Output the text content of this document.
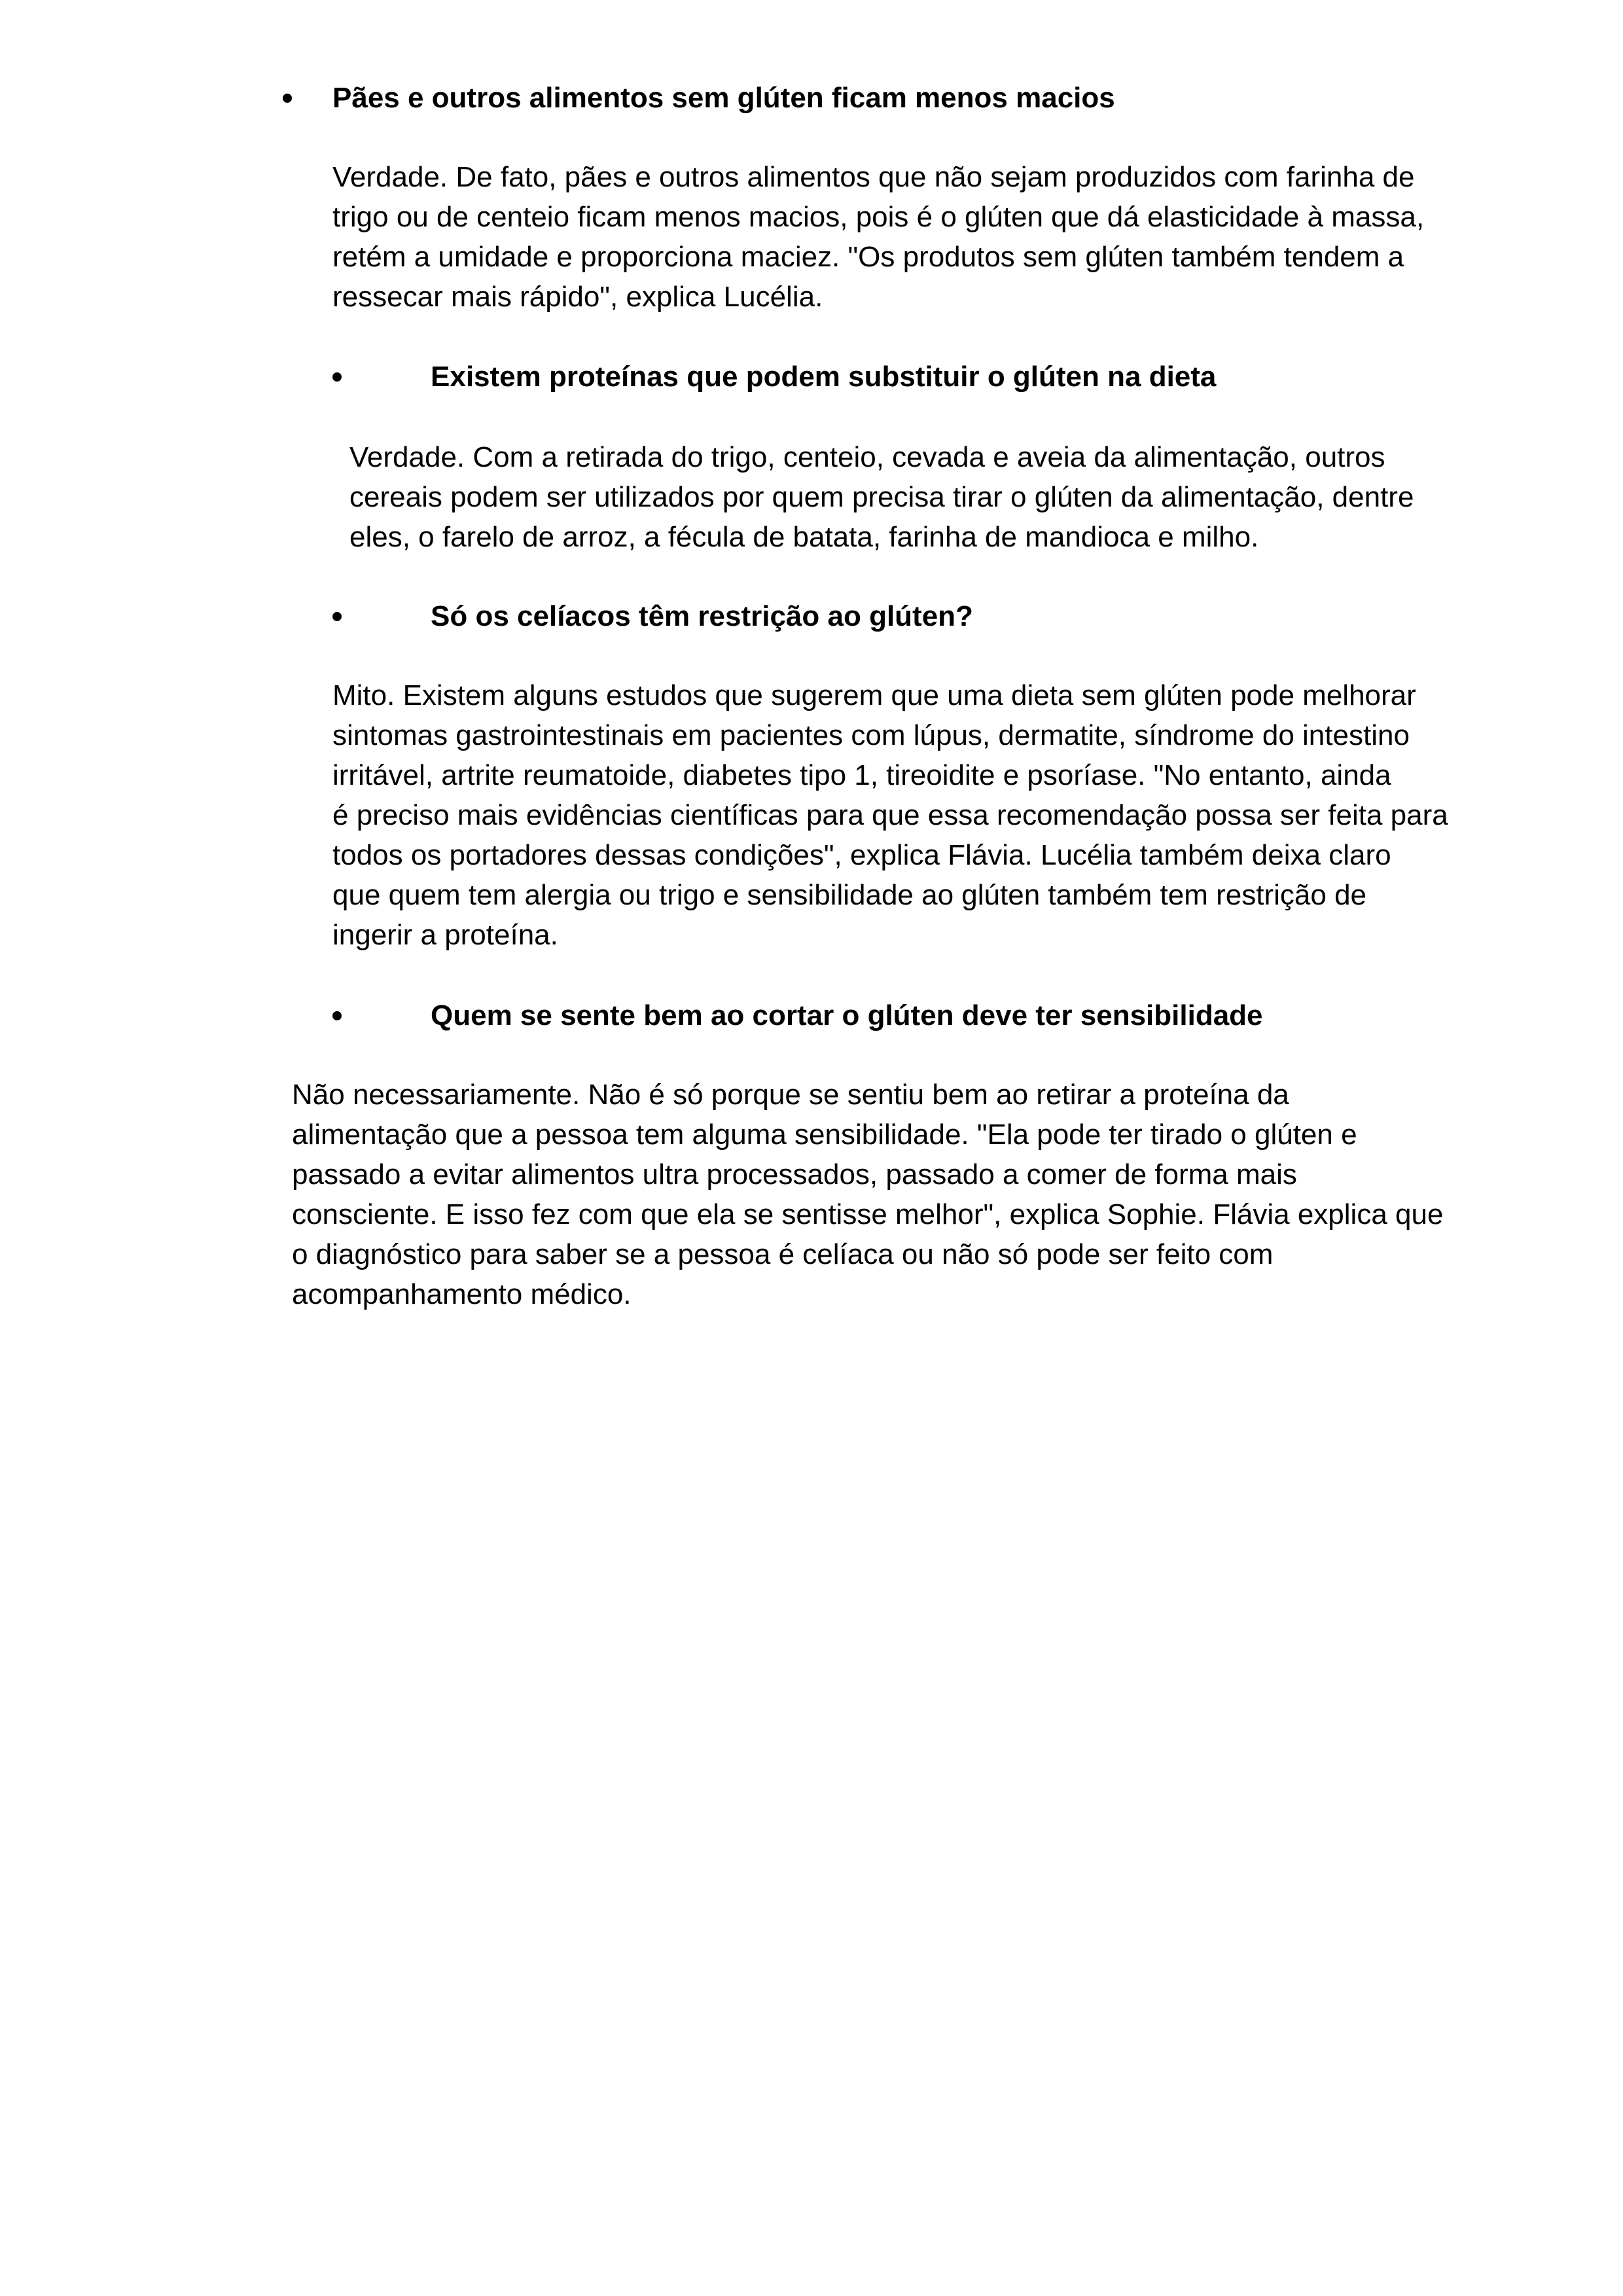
Pães e outros alimentos sem glúten ficam menos macios
Verdade. De fato, pães e outros alimentos que não sejam produzidos com farinha de
trigo ou de centeio ficam menos macios, pois é o glúten que dá elasticidade à massa,
retém a umidade e proporciona maciez. "Os produtos sem glúten também tendem a
ressecar mais rápido", explica Lucélia.
Existem proteínas que podem substituir o glúten na dieta
Verdade. Com a retirada do trigo, centeio, cevada e aveia da alimentação, outros
cereais podem ser utilizados por quem precisa tirar o glúten da alimentação, dentre
eles, o farelo de arroz, a fécula de batata, farinha de mandioca e milho.
Só os celíacos têm restrição ao glúten?
Mito. Existem alguns estudos que sugerem que uma dieta sem glúten pode melhorar
sintomas gastrointestinais em pacientes com lúpus, dermatite, síndrome do intestino
irritável, artrite reumatoide, diabetes tipo 1, tireoidite e psoríase. "No entanto, ainda
é preciso mais evidências científicas para que essa recomendação possa ser feita para
todos os portadores dessas condições", explica Flávia. Lucélia também deixa claro
que quem tem alergia ou trigo e sensibilidade ao glúten também tem restrição de
ingerir a proteína.
Quem se sente bem ao cortar o glúten deve ter sensibilidade
Não necessariamente. Não é só porque se sentiu bem ao retirar a proteína da
alimentação que a pessoa tem alguma sensibilidade. "Ela pode ter tirado o glúten e
passado a evitar alimentos ultra processados, passado a comer de forma mais
consciente. E isso fez com que ela se sentisse melhor", explica Sophie. Flávia explica que
o diagnóstico para saber se a pessoa é celíaca ou não só pode ser feito com
acompanhamento médico.
